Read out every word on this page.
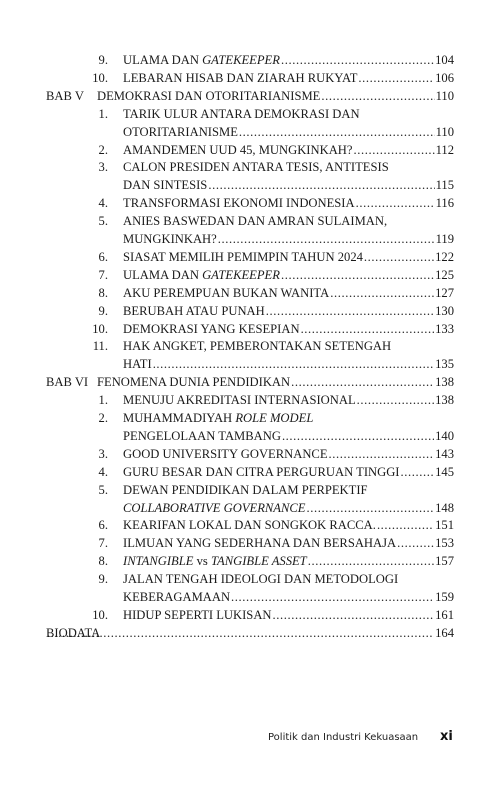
9. ULAMA DAN GATEKEEPER .....	104
10. LEBARAN HISAB DAN ZIARAH RUKYAT .....	106
BAB V DEMOKRASI DAN OTORITARIANISME .....	110
1. TARIK ULUR ANTARA DEMOKRASI DAN
OTORITARIANISME .....	110
2. AMANDEMEN UUD 45, MUNGKINKAH? .....	112
3. CALON PRESIDEN ANTARA TESIS, ANTITESIS
DAN SINTESIS .....	115
4. TRANSFORMASI EKONOMI INDONESIA .....	116
5. ANIES BASWEDAN DAN AMRAN SULAIMAN,
MUNGKINKAH? .....	119
6. SIASAT MEMILIH PEMIMPIN TAHUN 2024 .....	122
7. ULAMA DAN GATEKEEPER .....	125
8. AKU PEREMPUAN BUKAN WANITA .....	127
9. BERUBAH ATAU PUNAH .....	130
10. DEMOKRASI YANG KESEPIAN .....	133
11. HAK ANGKET, PEMBERONTAKAN SETENGAH
HATI .....	135
BAB VI FENOMENA DUNIA PENDIDIKAN .....	138
1. MENUJU AKREDITASI INTERNASIONAL .....	138
2. MUHAMMADIYAH ROLE MODEL
PENGELOLAAN TAMBANG .....	140
3. GOOD UNIVERSITY GOVERNANCE .....	143
4. GURU BESAR DAN CITRA PERGURUAN TINGGI .....	145
5. DEWAN PENDIDIKAN DALAM PERPEKTIF
COLLABORATIVE GOVERNANCE .....	148
6. KEARIFAN LOKAL DAN SONGKOK RACCA. .....	151
7. ILMUAN YANG SEDERHANA DAN BERSAHAJA .....	153
8. INTANGIBLE vs TANGIBLE ASSET .....	157
9. JALAN TENGAH IDEOLOGI DAN METODOLOGI
KEBERAGAMAAN .....	159
10. HIDUP SEPERTI LUKISAN .....	161
BIODATA .....	164
Politik dan Industri Kekuasaan xi
